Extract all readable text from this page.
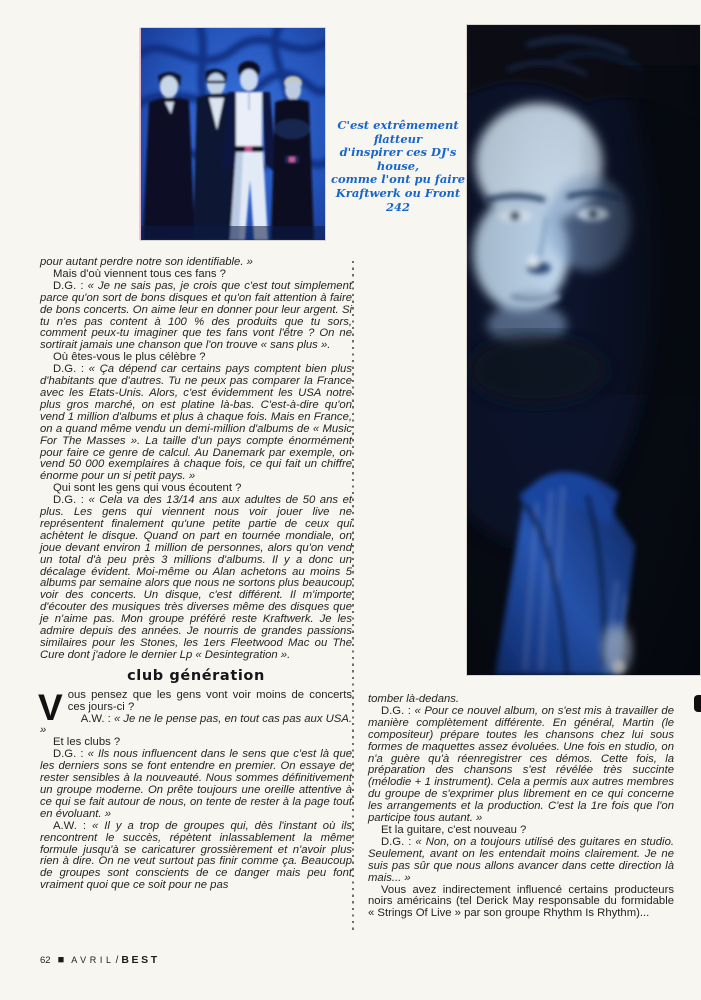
C'est extrêmement flatteur
d'inspirer ces DJ's house,
comme l'ont pu faire
Kraftwerk ou Front 242

pour autant perdre notre son identifiable. »

Mais d'où viennent tous ces fans ?

D.G. : « Je ne sais pas, je crois que c'est tout simplement parce qu'on sort de bons disques et qu'on fait attention à faire de bons concerts. On aime leur en donner pour leur argent. Si tu n'es pas content à 100 % des produits que tu sors, comment peux-tu imaginer que tes fans vont l'être ? On ne sortirait jamais une chanson que l'on trouve « sans plus ».

Où êtes-vous le plus célèbre ?

D.G. : « Ça dépend car certains pays comptent bien plus d'habitants que d'autres. Tu ne peux pas comparer la France avec les Etats-Unis. Alors, c'est évidemment les USA notre plus gros marché, on est platine là-bas. C'est-à-dire qu'on vend 1 million d'albums et plus à chaque fois. Mais en France, on a quand même vendu un demi-million d'albums de « Music For The Masses ». La taille d'un pays compte énormément pour faire ce genre de calcul. Au Danemark par exemple, on vend 50 000 exemplaires à chaque fois, ce qui fait un chiffre énorme pour un si petit pays. »

Qui sont les gens qui vous écoutent ?

D.G. : « Cela va des 13/14 ans aux adultes de 50 ans et plus. Les gens qui viennent nous voir jouer live ne représentent finalement qu'une petite partie de ceux qui achètent le disque. Quand on part en tournée mondiale, on joue devant environ 1 million de personnes, alors qu'on vend un total d'à peu près 3 millions d'albums. Il y a donc un décalage évident. Moi-même ou Alan achetons au moins 5 albums par semaine alors que nous ne sortons plus beaucoup voir des concerts. Un disque, c'est différent. Il m'importe d'écouter des musiques très diverses même des disques que je n'aime pas. Mon groupe préféré reste Kraftwerk. Je les admire depuis des années. Je nourris de grandes passions similaires pour les Stones, les 1ers Fleetwood Mac ou The Cure dont j'adore le dernier Lp « Desintegration ».

club génération

Vous pensez que les gens vont voir moins de concerts ces jours-ci ?

A.W. : « Je ne le pense pas, en tout cas pas aux USA. »

Et les clubs ?

D.G. : « Ils nous influencent dans le sens que c'est là que les derniers sons se font entendre en premier. On essaye de rester sensibles à la nouveauté. Nous sommes définitivement un groupe moderne. On prête toujours une oreille attentive à ce qui se fait autour de nous, on tente de rester à la page tout en évoluant. »

A.W. : « Il y a trop de groupes qui, dès l'instant où ils rencontrent le succès, répètent inlassablement la même formule jusqu'à se caricaturer grossièrement et n'avoir plus rien à dire. On ne veut surtout pas finir comme ça. Beaucoup de groupes sont conscients de ce danger mais peu font vraiment quoi que ce soit pour ne pas

tomber là-dedans.

D.G. : « Pour ce nouvel album, on s'est mis à travailler de manière complètement différente. En général, Martin (le compositeur) prépare toutes les chansons chez lui sous formes de maquettes assez évoluées. Une fois en studio, on n'a guère qu'à réenregistrer ces démos. Cette fois, la préparation des chansons s'est révélée très succinte (mélodie + 1 instrument). Cela a permis aux autres membres du groupe de s'exprimer plus librement en ce qui concerne les arrangements et la production. C'est la 1re fois que l'on participe tous autant. »

Et la guitare, c'est nouveau ?

D.G. : « Non, on a toujours utilisé des guitares en studio. Seulement, avant on les entendait moins clairement. Je ne suis pas sûr que nous allons avancer dans cette direction là mais... »

Vous avez indirectement influencé certains producteurs noirs américains (tel Derick May responsable du formidable « Strings Of Live » par son groupe Rhythm Is Rhythm)...

62 ■ AVRIL / BEST
